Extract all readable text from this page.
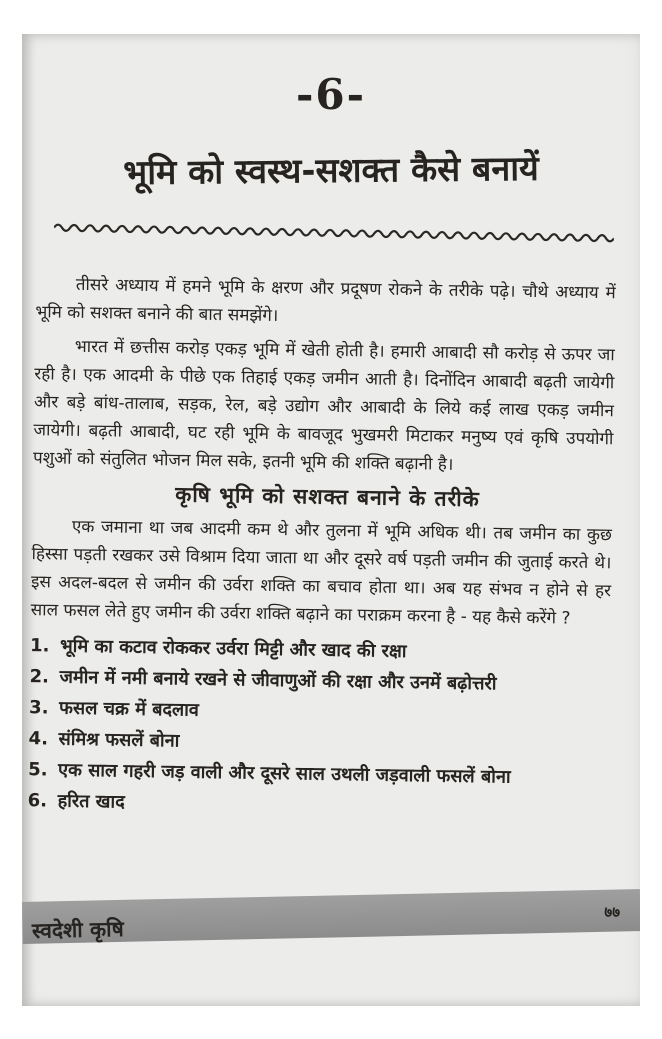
-6-
भूमि को स्वस्थ-सशक्त कैसे बनायें

तीसरे अध्याय में हमने भूमि के क्षरण और प्रदूषण रोकने के तरीके पढ़े। चौथे अध्याय में भूमि को सशक्त बनाने की बात समझेंगे।

भारत में छत्तीस करोड़ एकड़ भूमि में खेती होती है। हमारी आबादी सौ करोड़ से ऊपर जा रही है। एक आदमी के पीछे एक तिहाई एकड़ जमीन आती है। दिनोंदिन आबादी बढ़ती जायेगी और बड़े बांध-तालाब, सड़क, रेल, बड़े उद्योग और आबादी के लिये कई लाख एकड़ जमीन जायेगी। बढ़ती आबादी, घट रही भूमि के बावजूद भुखमरी मिटाकर मनुष्य एवं कृषि उपयोगी पशुओं को संतुलित भोजन मिल सके, इतनी भूमि की शक्ति बढ़ानी है।

कृषि भूमि को सशक्त बनाने के तरीके

एक जमाना था जब आदमी कम थे और तुलना में भूमि अधिक थी। तब जमीन का कुछ हिस्सा पड़ती रखकर उसे विश्राम दिया जाता था और दूसरे वर्ष पड़ती जमीन की जुताई करते थे। इस अदल-बदल से जमीन की उर्वरा शक्ति का बचाव होता था। अब यह संभव न होने से हर साल फसल लेते हुए जमीन की उर्वरा शक्ति बढ़ाने का पराक्रम करना है - यह कैसे करेंगे ?

1. भूमि का कटाव रोककर उर्वरा मिट्टी और खाद की रक्षा
2. जमीन में नमी बनाये रखने से जीवाणुओं की रक्षा और उनमें बढ़ोत्तरी
3. फसल चक्र में बदलाव
4. संमिश्र फसलें बोना
5. एक साल गहरी जड़ वाली और दूसरे साल उथली जड़वाली फसलें बोना
6. हरित खाद
स्वदेशी कृषि
७७
